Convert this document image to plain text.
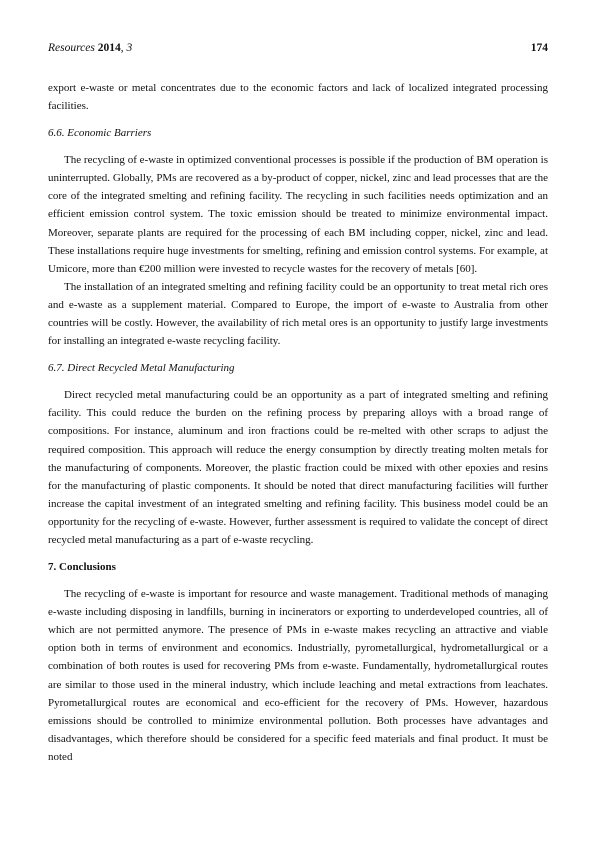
Resources 2014, 3	174

export e-waste or metal concentrates due to the economic factors and lack of localized integrated processing facilities.

6.6. Economic Barriers

The recycling of e-waste in optimized conventional processes is possible if the production of BM operation is uninterrupted. Globally, PMs are recovered as a by-product of copper, nickel, zinc and lead processes that are the core of the integrated smelting and refining facility. The recycling in such facilities needs optimization and an efficient emission control system. The toxic emission should be treated to minimize environmental impact. Moreover, separate plants are required for the processing of each BM including copper, nickel, zinc and lead. These installations require huge investments for smelting, refining and emission control systems. For example, at Umicore, more than €200 million were invested to recycle wastes for the recovery of metals [60].

The installation of an integrated smelting and refining facility could be an opportunity to treat metal rich ores and e-waste as a supplement material. Compared to Europe, the import of e-waste to Australia from other countries will be costly. However, the availability of rich metal ores is an opportunity to justify large investments for installing an integrated e-waste recycling facility.

6.7. Direct Recycled Metal Manufacturing

Direct recycled metal manufacturing could be an opportunity as a part of integrated smelting and refining facility. This could reduce the burden on the refining process by preparing alloys with a broad range of compositions. For instance, aluminum and iron fractions could be re-melted with other scraps to adjust the required composition. This approach will reduce the energy consumption by directly treating molten metals for the manufacturing of components. Moreover, the plastic fraction could be mixed with other epoxies and resins for the manufacturing of plastic components. It should be noted that direct manufacturing facilities will further increase the capital investment of an integrated smelting and refining facility. This business model could be an opportunity for the recycling of e-waste. However, further assessment is required to validate the concept of direct recycled metal manufacturing as a part of e-waste recycling.

7. Conclusions

The recycling of e-waste is important for resource and waste management. Traditional methods of managing e-waste including disposing in landfills, burning in incinerators or exporting to underdeveloped countries, all of which are not permitted anymore. The presence of PMs in e-waste makes recycling an attractive and viable option both in terms of environment and economics. Industrially, pyrometallurgical, hydrometallurgical or a combination of both routes is used for recovering PMs from e-waste. Fundamentally, hydrometallurgical routes are similar to those used in the mineral industry, which include leaching and metal extractions from leachates. Pyrometallurgical routes are economical and eco-efficient for the recovery of PMs. However, hazardous emissions should be controlled to minimize environmental pollution. Both processes have advantages and disadvantages, which therefore should be considered for a specific feed materials and final product. It must be noted
